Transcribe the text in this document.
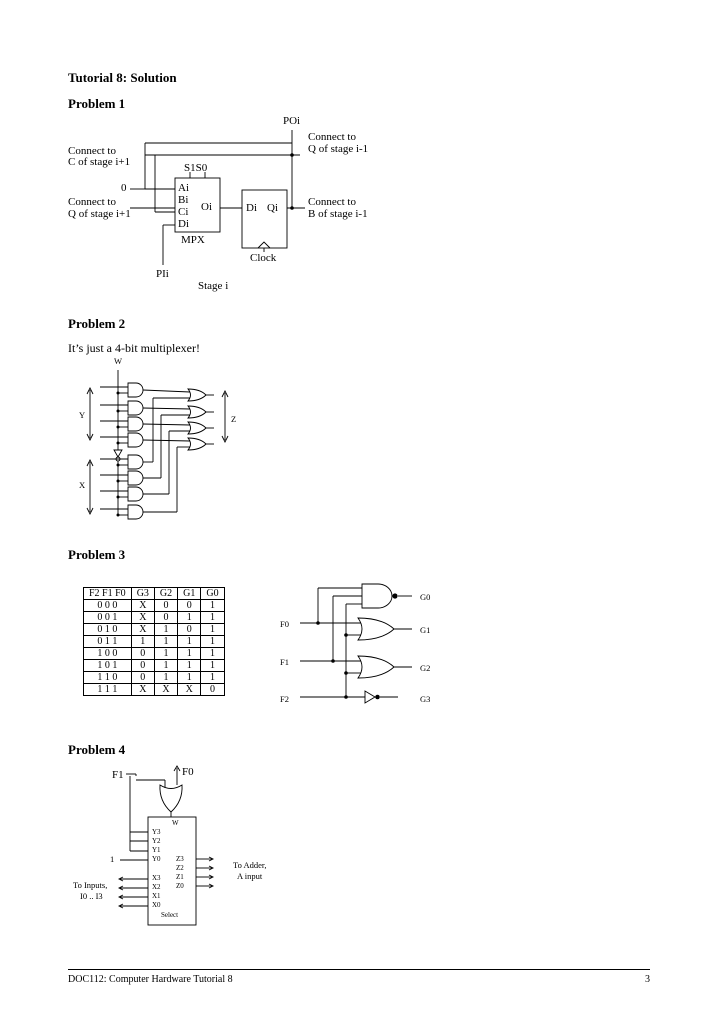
Tutorial 8: Solution
Problem 1
Problem 2
Problem 3
Problem 4
POi
Connect to
Q of stage i-1
Connect to
C of stage i+1	S1S0
0
Connect to
Q of stage i+1
Ai
Bi
Ci
Di
Oi
MPX
Di Qi
Clock
Connect to
B of stage i-1
PIi
Stage i
It’s just a 4-bit multiplexer!
W
Y
X
Z
F2 F1 F0	G3	G2	G1	G0
0 0 0	X	0	0	1
0 0 1	X	0	1	1
0 1 0	X	1	0	1
0 1 1	1	1	1	1
1 0 0	0	1	1	1
1 0 1	0	1	1	1
1 1 0	0	1	1	1
1 1 1	X	X	X	0
F0
F1
F2
G0
G1
G2
G3
F1	F0
W
Y3
Y2
Y1
Y0
X3
X2
X1
X0
Z3
Z2
Z1
Z0
Select
1
To Adder,
A input
To Inputs,
I0 .. I3
DOC112: Computer Hardware Tutorial 8	3
